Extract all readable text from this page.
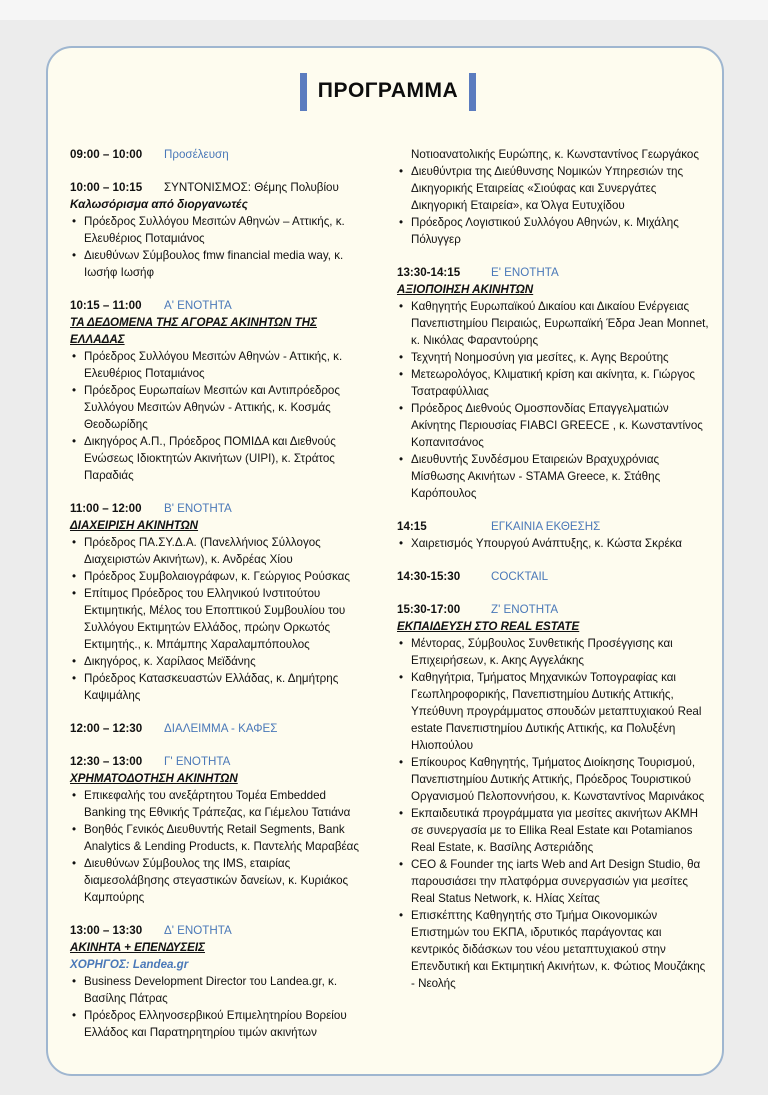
ΠΡΟΓΡΑΜΜΑ
09:00 – 10:00 Προσέλευση
10:00 – 10:15 ΣΥΝΤΟΝΙΣΜΟΣ: Θέμης Πολυβίου
Καλωσόρισμα από διοργανωτές
• Πρόεδρος Συλλόγου Μεσιτών Αθηνών – Αττικής, κ. Ελευθέριος Ποταμιάνος
• Διευθύνων Σύμβουλος fmw financial media way, κ. Ιωσήφ Ιωσήφ
10:15 – 11:00 Α' ΕΝΟΤΗΤΑ
ΤΑ ΔΕΔΟΜΕΝΑ ΤΗΣ ΑΓΟΡΑΣ ΑΚΙΝΗΤΩΝ ΤΗΣ ΕΛΛΑΔΑΣ
• Πρόεδρος Συλλόγου Μεσιτών Αθηνών - Αττικής, κ. Ελευθέριος Ποταμιάνος
• Πρόεδρος Ευρωπαίων Μεσιτών και Αντιπρόεδρος Συλλόγου Μεσιτών Αθηνών - Αττικής, κ. Κοσμάς Θεοδωρίδης
• Δικηγόρος Α.Π., Πρόεδρος ΠΟΜΙΔΑ και Διεθνούς Ενώσεως Ιδιοκτητών Ακινήτων (UIPI), κ. Στράτος Παραδιάς
11:00 – 12:00 Β' ΕΝΟΤΗΤΑ
ΔΙΑΧΕΙΡΙΣΗ ΑΚΙΝΗΤΩΝ
• Πρόεδρος ΠΑ.ΣΥ.Δ.Α. (Πανελλήνιος Σύλλογος Διαχειριστών Ακινήτων), κ. Ανδρέας Χίου
• Πρόεδρος Συμβολαιογράφων, κ. Γεώργιος Ρούσκας
• Επίτιμος Πρόεδρος του Ελληνικού Ινστιτούτου Εκτιμητικής, Μέλος του Εποπτικού Συμβουλίου του Συλλόγου Εκτιμητών Ελλάδος, πρώην Ορκωτός Εκτιμητής., κ. Μπάμπης Χαραλαμπόπουλος
• Δικηγόρος, κ. Χαρίλαος Μεϊδάνης
• Πρόεδρος Κατασκευαστών Ελλάδας, κ. Δημήτρης Καψιμάλης
12:00 – 12:30 ΔΙΑΛΕΙΜΜΑ - ΚΑΦΕΣ
12:30 – 13:00 Γ' ΕΝΟΤΗΤΑ
ΧΡΗΜΑΤΟΔΟΤΗΣΗ ΑΚΙΝΗΤΩΝ
• Επικεφαλής του ανεξάρτητου Τομέα Embedded Banking της Εθνικής Τράπεζας, κα Γιέμελου Τατιάνα
• Βοηθός Γενικός Διευθυντής Retail Segments, Bank Analytics & Lending Products, κ. Παντελής Μαραβέας
• Διευθύνων Σύμβουλος της IMS, εταιρίας διαμεσολάβησης στεγαστικών δανείων, κ. Κυριάκος Καμπούρης
13:00 – 13:30 Δ' ΕΝΟΤΗΤΑ
ΑΚΙΝΗΤΑ + ΕΠΕΝΔΥΣΕΙΣ
ΧΟΡΗΓΟΣ: Landea.gr
• Business Development Director του Landea.gr, κ. Βασίλης Πάτρας
• Πρόεδρος Ελληνοσερβικού Επιμελητηρίου Βορείου Ελλάδος και Παρατηρητηρίου τιμών ακινήτων
Νοτιοανατολικής Ευρώπης, κ. Κωνσταντίνος Γεωργάκος
• Διευθύντρια της Διεύθυνσης Νομικών Υπηρεσιών της Δικηγορικής Εταιρείας «Σιούφας και Συνεργάτες Δικηγορική Εταιρεία», κα Όλγα Ευτυχίδου
• Πρόεδρος Λογιστικού Συλλόγου Αθηνών, κ. Μιχάλης Πόλυγγερ
13:30-14:15	Ε' ΕΝΟΤΗΤΑ
ΑΞΙΟΠΟΙΗΣΗ ΑΚΙΝΗΤΩΝ
• Καθηγητής Ευρωπαϊκού Δικαίου και Δικαίου Ενέργειας Πανεπιστημίου Πειραιώς, Ευρωπαϊκή Έδρα Jean Monnet, κ. Νικόλας Φαραντούρης
• Τεχνητή Νοημοσύνη για μεσίτες, κ. Αγης Βερούτης
• Μετεωρολόγος, Κλιματική κρίση και ακίνητα, κ. Γιώργος Τσατραφύλλιας
• Πρόεδρος Διεθνούς Ομοσπονδίας Επαγγελματιών Ακίνητης Περιουσίας FIABCI GREECE , κ. Κωνσταντίνος Κοπανιτσάνος
• Διευθυντής Συνδέσμου Εταιρειών Βραχυχρόνιας Μίσθωσης Ακινήτων - STAMA Greece, κ. Στάθης Καρόπουλος
14:15	ΕΓΚΑΙΝΙΑ ΕΚΘΕΣΗΣ
• Χαιρετισμός Υπουργού Ανάπτυξης, κ. Κώστα Σκρέκα
14:30-15:30	COCKTAIL
15:30-17:00	Ζ' ΕΝΟΤΗΤΑ
ΕΚΠΑΙΔΕΥΣΗ ΣΤΟ REAL ESTATE
• Μέντορας, Σύμβουλος Συνθετικής Προσέγγισης και Επιχειρήσεων, κ. Ακης Αγγελάκης
• Καθηγήτρια, Τμήματος Μηχανικών Τοπογραφίας και Γεωπληροφορικής, Πανεπιστημίου Δυτικής Αττικής, Υπεύθυνη προγράμματος σπουδών μεταπτυχιακού Real estate Πανεπιστημίου Δυτικής Αττικής, κα Πολυξένη Ηλιοπούλου
• Επίκουρος Καθηγητής, Τμήματος Διοίκησης Τουρισμού, Πανεπιστημίου Δυτικής Αττικής, Πρόεδρος Τουριστικού Οργανισμού Πελοποννήσου, κ. Κωνσταντίνος Μαρινάκος
• Εκπαιδευτικά προγράμματα για μεσίτες ακινήτων ΑΚΜΗ σε συνεργασία με το Ellika Real Estate και Potamianos Real Estate, κ. Βασίλης Αστεριάδης
• CEO & Founder της iarts Web and Art Design Studio, θα παρουσιάσει την πλατφόρμα συνεργασιών για μεσίτες Real Status Network, κ. Ηλίας Χείτας
• Επισκέπτης Καθηγητής στο Τμήμα Οικονομικών Επιστημών του ΕΚΠΑ, ιδρυτικός παράγοντας και κεντρικός διδάσκων του νέου μεταπτυχιακού στην Επενδυτική και Εκτιμητική Ακινήτων, κ. Φώτιος Μουζάκης - Νεολής
